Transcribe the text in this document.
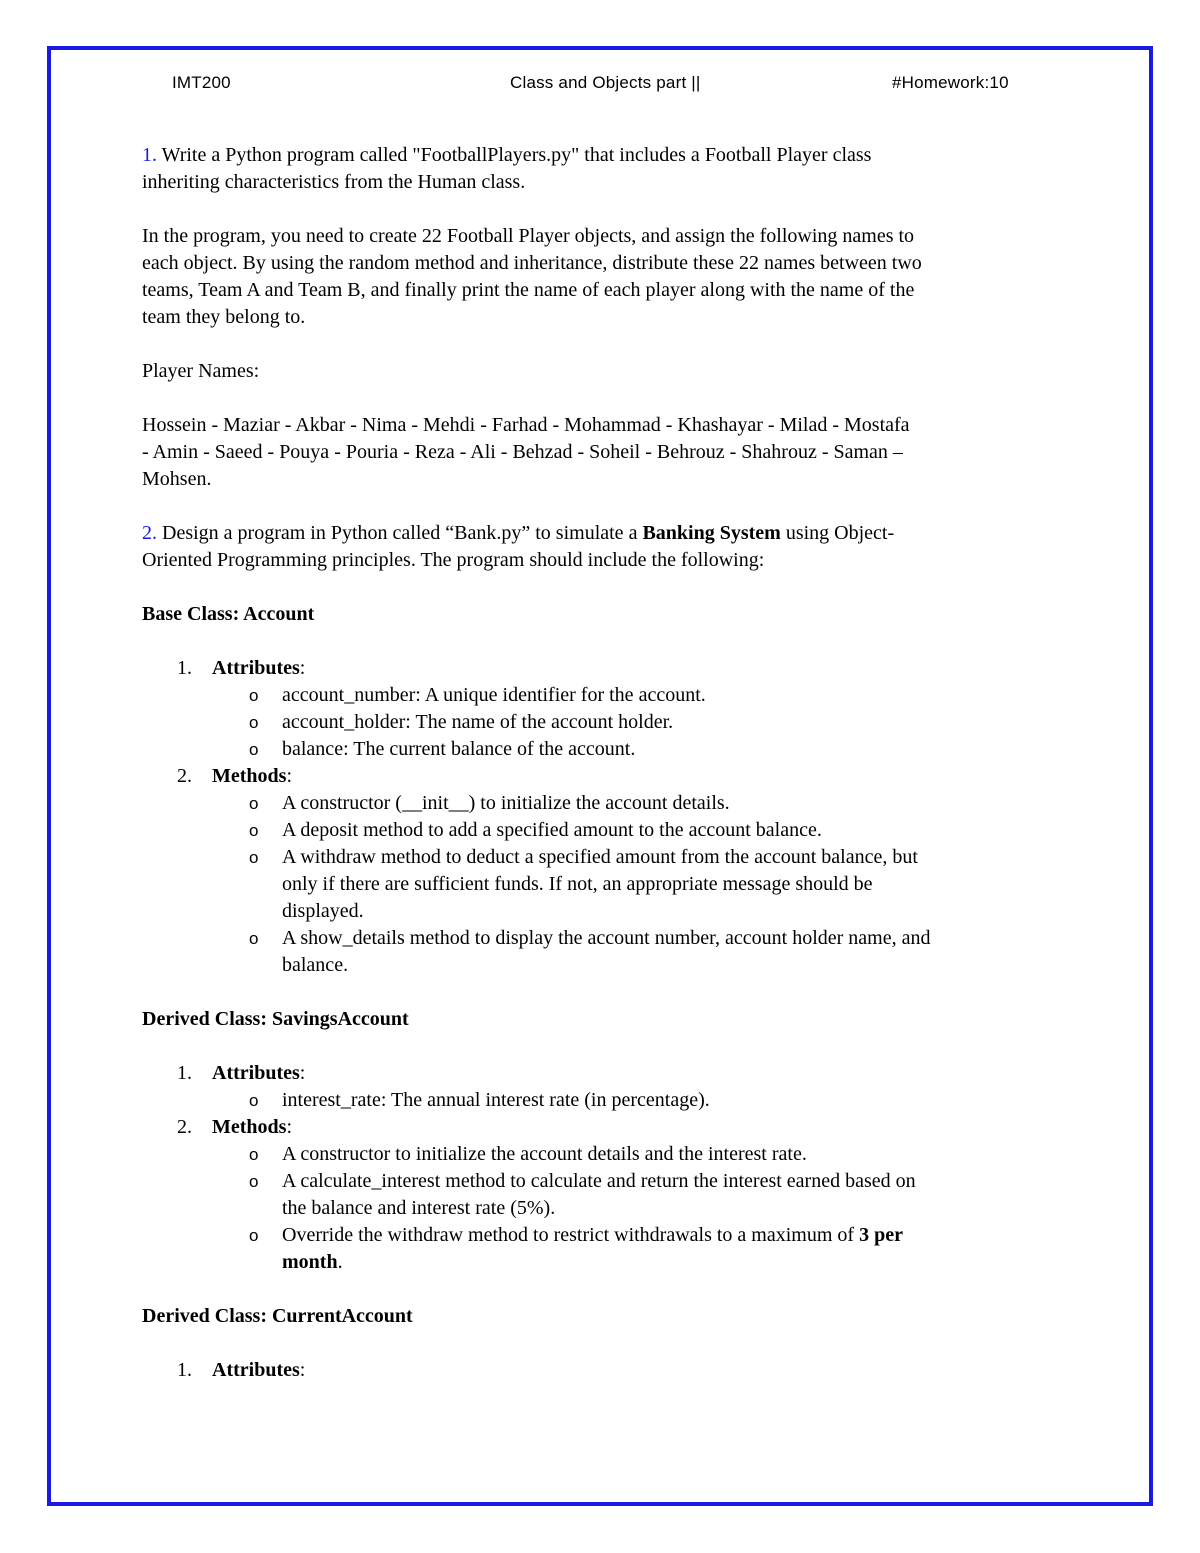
IMT200	Class and Objects part ||	#Homework:10

1. Write a Python program called "FootballPlayers.py" that includes a Football Player class

inheriting characteristics from the Human class.

In the program, you need to create 22 Football Player objects, and assign the following names to

each object. By using the random method and inheritance, distribute these 22 names between two

teams, Team A and Team B, and finally print the name of each player along with the name of the

team they belong to.

Player Names:

Hossein - Maziar - Akbar - Nima - Mehdi - Farhad - Mohammad - Khashayar - Milad - Mostafa

- Amin - Saeed - Pouya - Pouria - Reza - Ali - Behzad - Soheil - Behrouz - Shahrouz - Saman –

Mohsen.

2. Design a program in Python called “Bank.py” to simulate a Banking System using Object-

Oriented Programming principles. The program should include the following:

Base Class: Account

1. Attributes:
o account_number: A unique identifier for the account.
o account_holder: The name of the account holder.
o balance: The current balance of the account.
2. Methods:
o A constructor (__init__) to initialize the account details.
o A deposit method to add a specified amount to the account balance.
o A withdraw method to deduct a specified amount from the account balance, but
only if there are sufficient funds. If not, an appropriate message should be
displayed.
o A show_details method to display the account number, account holder name, and
balance.

Derived Class: SavingsAccount

1. Attributes:
o interest_rate: The annual interest rate (in percentage).
2. Methods:
o A constructor to initialize the account details and the interest rate.
o A calculate_interest method to calculate and return the interest earned based on
the balance and interest rate (5%).
o Override the withdraw method to restrict withdrawals to a maximum of 3 per
month.

Derived Class: CurrentAccount

1. Attributes:
